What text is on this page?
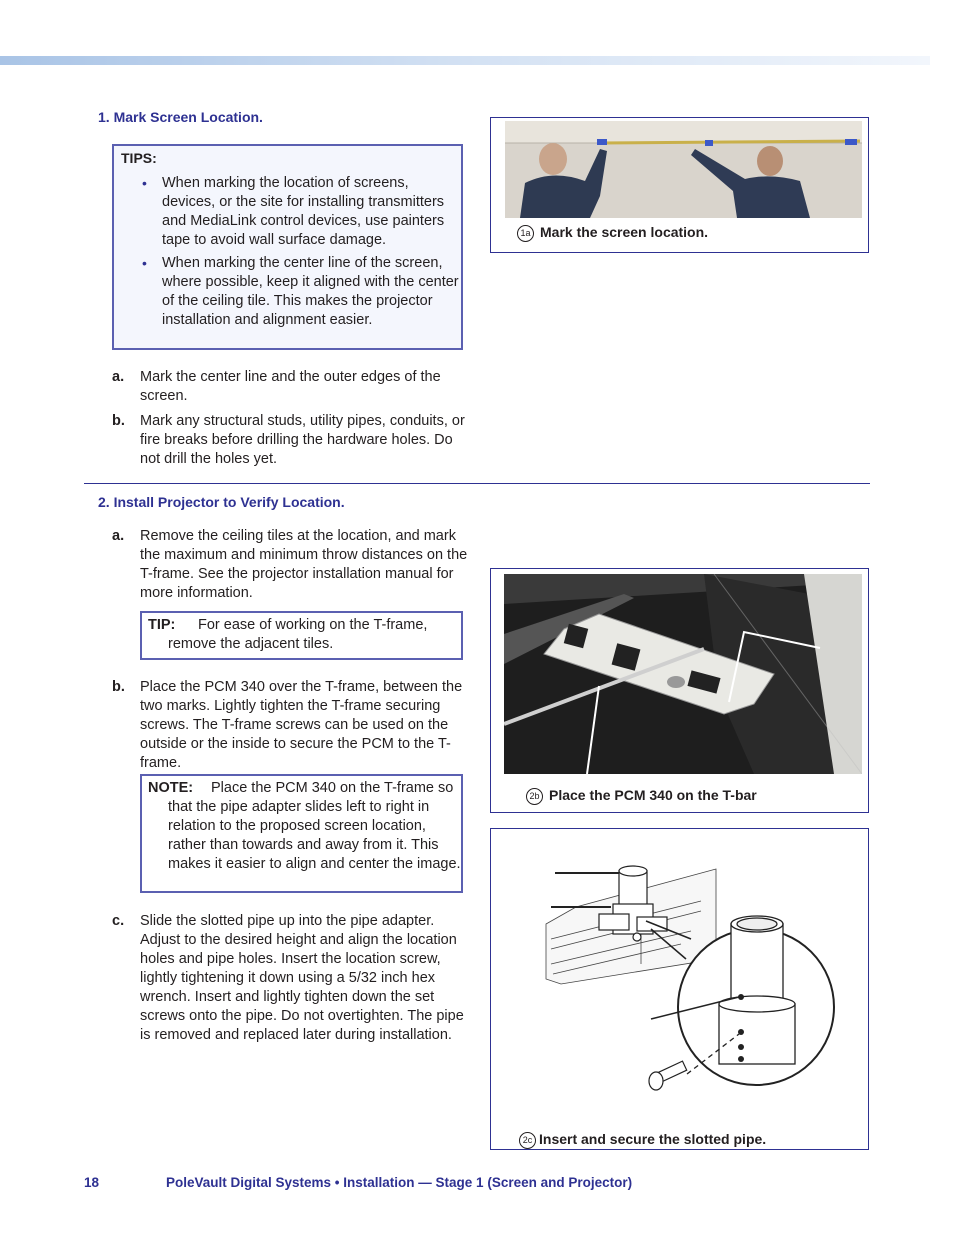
1. Mark Screen Location.
TIPS:
• When marking the location of screens, devices, or the site for installing transmitters and MediaLink control devices, use painters tape to avoid wall surface damage.
• When marking the center line of the screen, where possible, keep it aligned with the center of the ceiling tile. This makes the projector installation and alignment easier.
a. Mark the center line and the outer edges of the screen.
b. Mark any structural studs, utility pipes, conduits, or fire breaks before drilling the hardware holes. Do not drill the holes yet.
1a Mark the screen location.
2. Install Projector to Verify Location.
a. Remove the ceiling tiles at the location, and mark the maximum and minimum throw distances on the T-frame. See the projector installation manual for more information.
TIP:	For ease of working on the T-frame, remove the adjacent tiles.
b. Place the PCM 340 over the T-frame, between the two marks. Lightly tighten the T-frame securing screws. The T-frame screws can be used on the outside or the inside to secure the PCM to the T-frame.
NOTE:	Place the PCM 340 on the T-frame so that the pipe adapter slides left to right in relation to the proposed screen location, rather than towards and away from it. This makes it easier to align and center the image.
c. Slide the slotted pipe up into the pipe adapter. Adjust to the desired height and align the location holes and pipe holes. Insert the location screw, lightly tightening it down using a 5/32 inch hex wrench. Insert and lightly tighten down the set screws onto the pipe. Do not overtighten. The pipe is removed and replaced later during installation.
2b Place the PCM 340 on the T-bar
2c Insert and secure the slotted pipe.
18	PoleVault Digital Systems • Installation — Stage 1 (Screen and Projector)
